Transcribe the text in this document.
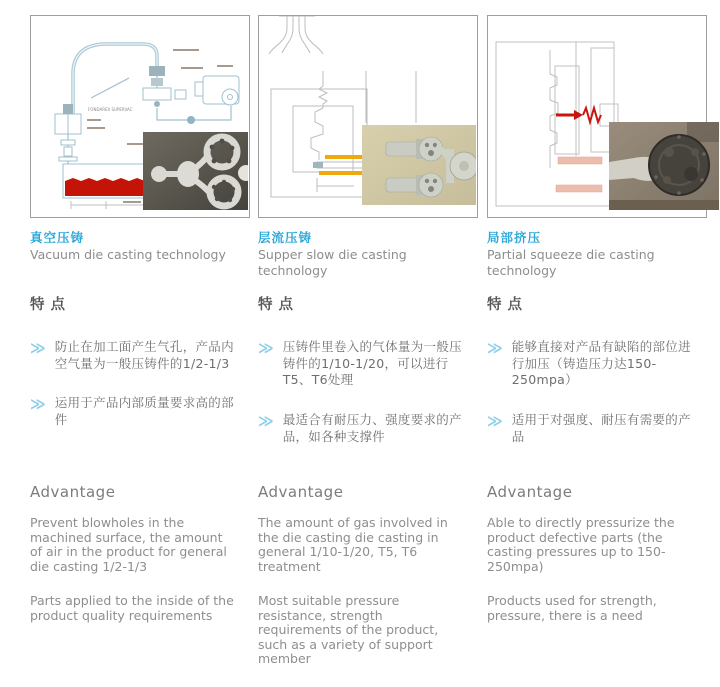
FONDAREX SUPERVAC
真空压铸
Vacuum die casting technology
特点
≫ 防止在加工面产生气孔，产品内空气量为一般压铸件的1/2-1/3

≫ 运用于产品内部质量要求高的部件

Advantage

Prevent blowholes in the machined surface, the amount of air in the product for general die casting 1/2-1/3

Parts applied to the inside of the product quality requirements

层流压铸
Supper slow die casting technology
特点
≫ 压铸件里卷入的气体量为一般压铸件的1/10-1/20，可以进行T5、T6处理

≫ 最适合有耐压力、强度要求的产品，如各种支撑件

Advantage

The amount of gas involved in the die casting die casting in general 1/10-1/20, T5, T6 treatment

Most suitable pressure resistance, strength requirements of the product, such as a variety of support member

局部挤压
Partial squeeze die casting technology
特点
≫ 能够直接对产品有缺陷的部位进行加压（铸造压力达150-250mpa）

≫ 适用于对强度、耐压有需要的产品

Advantage

Able to directly pressurize the product defective parts (the casting pressures up to 150-250mpa)

Products used for strength, pressure, there is a need
